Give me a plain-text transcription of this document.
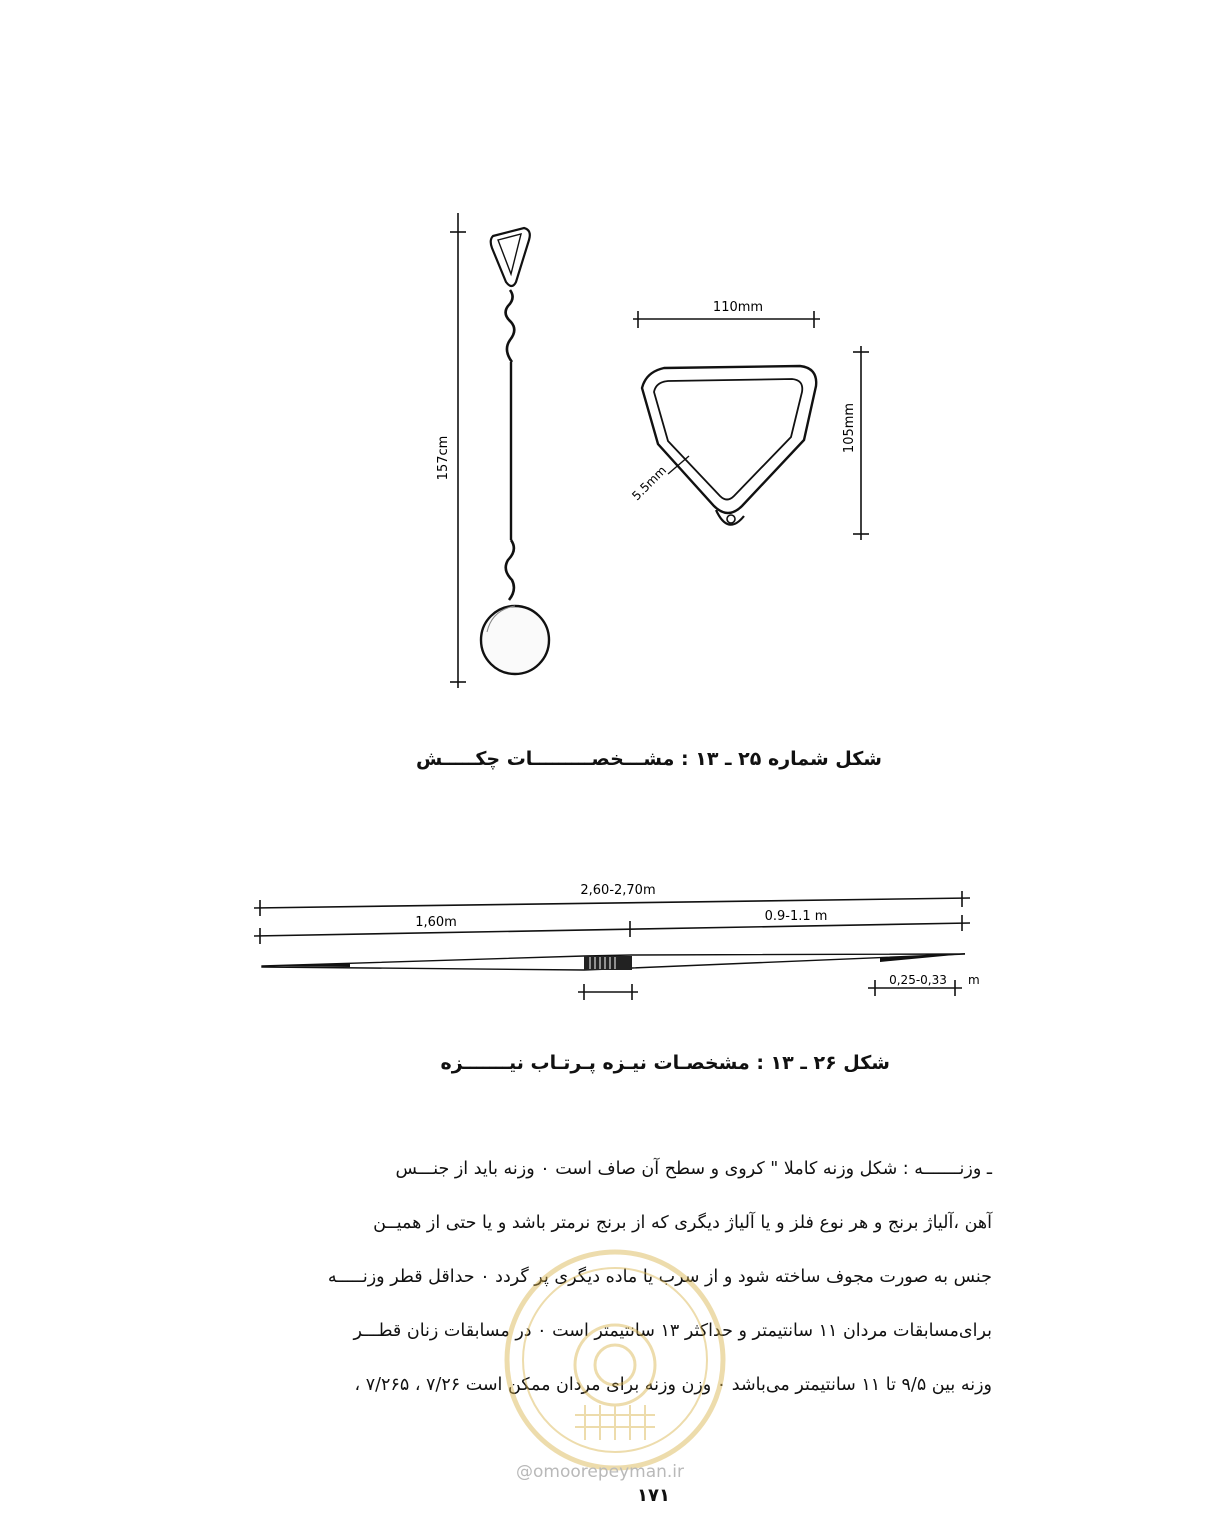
157cm
110mm
105mm
5.5mm
شکل شماره ۲۵ ـ ۱۳ : مشـــخصـــــــــات چکـــــش
2,60-2,70m
1,60m	0.9-1.1 m
0,25-0,33 m
شکل ۲۶ ـ ۱۳ : مشخصـات نیـزه پـرتـاب نیـــــــزه
ـ وزنـــــــه : شکل وزنه کاملا " کروی و سطح آن صاف است ۰ وزنه باید از جنـــس
آهن ،آلیاژ برنج و هر نوع فلز و یا آلیاژ دیگری که از برنج نرمتر باشد و یا حتی از همیــن
جنس به صورت مجوف ساخته شود و از سرب یا ماده دیگری پر گردد ۰ حداقل قطر وزنـــــه
برای‌مسابقات مردان ۱۱ سانتیمتر و حداکثر ۱۳ سانتیمتر است ۰ در مسابقات زنان قطـــر
وزنه بین ۹/۵ تا ۱۱ سانتیمتر می‌باشد ۰ وزن وزنه برای مردان ممکن است ۷/۲۶ ، ۷/۲۶۵ ،
@omoorepeyman.ir
۱۷۱
